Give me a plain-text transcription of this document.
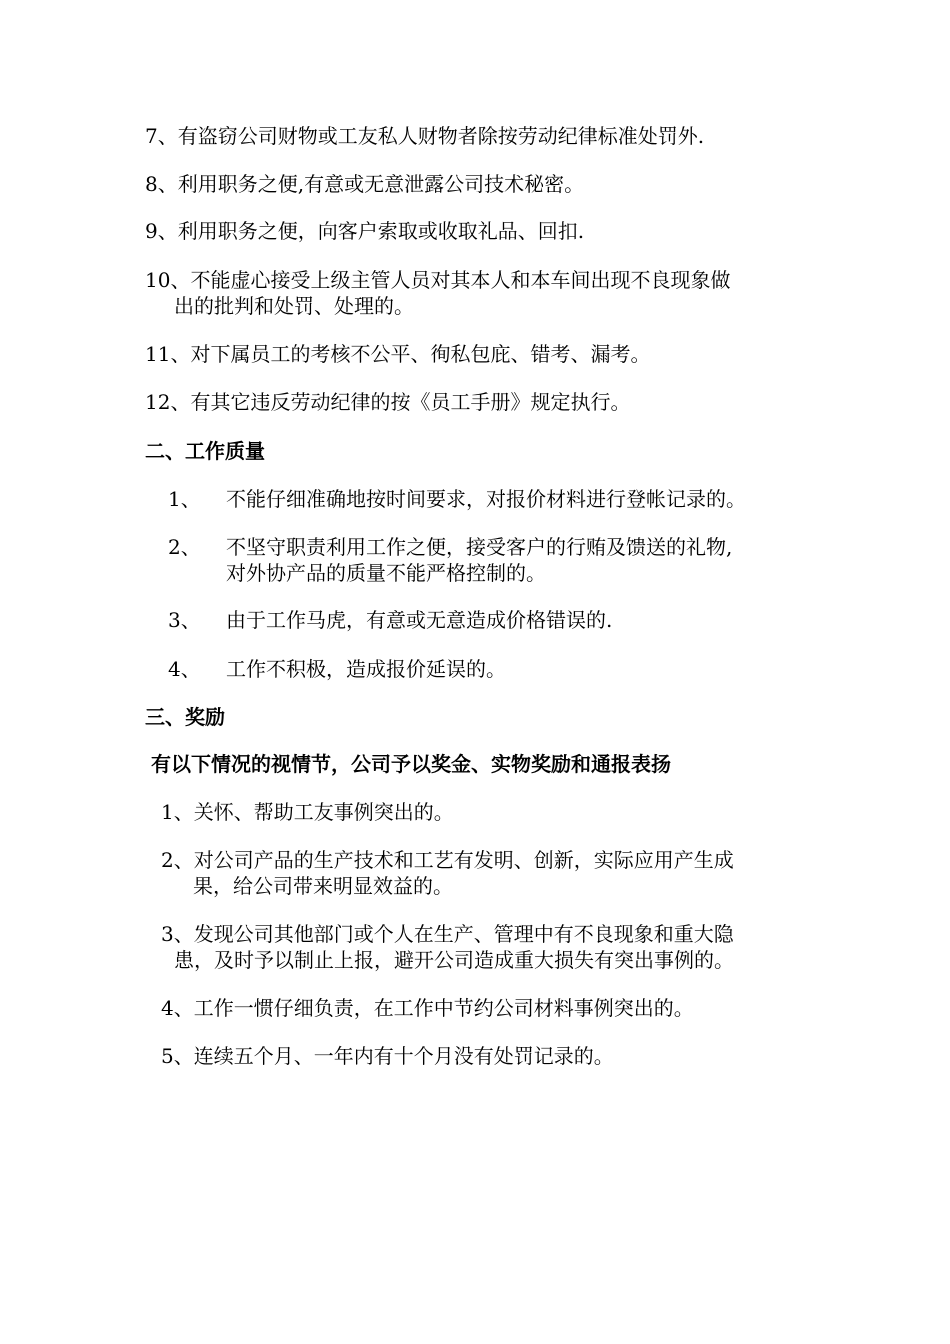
7、有盗窃公司财物或工友私人财物者除按劳动纪律标准处罚外.
8、利用职务之便,有意或无意泄露公司技术秘密。
9、利用职务之便，向客户索取或收取礼品、回扣.
10、不能虚心接受上级主管人员对其本人和本车间出现不良现象做
出的批判和处罚、处理的。
11、对下属员工的考核不公平、徇私包庇、错考、漏考。
12、有其它违反劳动纪律的按《员工手册》规定执行。
二、工作质量
1、 不能仔细准确地按时间要求，对报价材料进行登帐记录的。
2、 不坚守职责利用工作之便，接受客户的行贿及馈送的礼物,
对外协产品的质量不能严格控制的。
3、 由于工作马虎，有意或无意造成价格错误的.
4、 工作不积极，造成报价延误的。
三、奖励
有以下情况的视情节，公司予以奖金、实物奖励和通报表扬
1、关怀、帮助工友事例突出的。
2、对公司产品的生产技术和工艺有发明、创新，实际应用产生成
果，给公司带来明显效益的。
3、发现公司其他部门或个人在生产、管理中有不良现象和重大隐
患，及时予以制止上报，避开公司造成重大损失有突出事例的。
4、工作一惯仔细负责，在工作中节约公司材料事例突出的。
5、连续五个月、一年内有十个月没有处罚记录的。
